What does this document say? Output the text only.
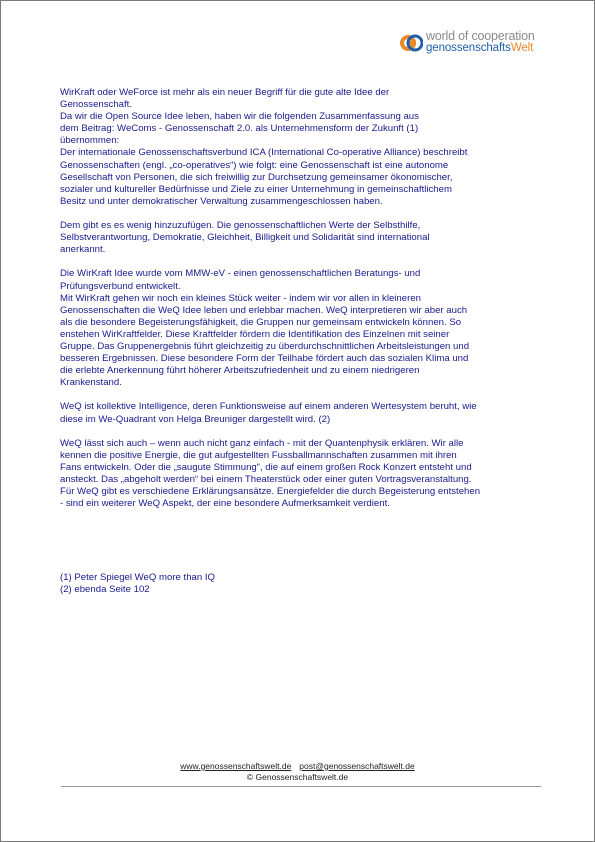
world of cooperation
genossenschaftsWelt

WirKraft oder WeForce ist mehr als ein neuer Begriff für die gute alte Idee der
Genossenschaft.
Da wir die Open Source Idee leben, haben wir die folgenden Zusammenfassung aus
dem Beitrag: WeComs - Genossenschaft 2.0. als Unternehmensform der Zukunft (1)
übernommen:
Der internationale Genossenschaftsverbund ICA (International Co-operative Alliance) beschreibt
Genossenschaften (engl. „co-operatives“) wie folgt: eine Genossenschaft ist eine autonome
Gesellschaft von Personen, die sich freiwillig zur Durchsetzung gemeinsamer ökonomischer,
sozialer und kultureller Bedürfnisse und Ziele zu einer Unternehmung in gemeinschaftlichem
Besitz und unter demokratischer Verwaltung zusammengeschlossen haben.

Dem gibt es es wenig hinzuzufügen. Die genossenschaftlichen Werte der Selbsthilfe,
Selbstverantwortung, Demokratie, Gleichheit, Billigkeit und Solidarität sind international
anerkannt.

Die WirKraft Idee wurde vom MMW-eV - einen genossenschaftlichen Beratungs- und
Prüfungsverbund entwickelt.
Mit WirKraft gehen wir noch ein kleines Stück weiter - indem wir vor allen in kleineren
Genossenschaften die WeQ Idee leben und erlebbar machen. WeQ interpretieren wir aber auch
als die besondere Begeisterungsfähigkeit, die Gruppen nur gemeinsam entwickeln können. So
enstehen WirKraftfelder. Diese Kraftfelder fördern die Identifikation des Einzelnen mit seiner
Gruppe. Das Gruppenergebnis führt gleichzeitig zu überdurchschnittlichen Arbeitsleistungen und
besseren Ergebnissen. Diese besondere Form der Teilhabe fördert auch das sozialen Klima und
die erlebte Anerkennung führt höherer Arbeitszufriedenheit und zu einem niedrigeren
Krankenstand.

WeQ ist kollektive Intelligence, deren Funktionsweise auf einem anderen Wertesystem beruht, wie
diese im We-Quadrant von Helga Breuniger dargestellt wird. (2)

WeQ lässt sich auch – wenn auch nicht ganz einfach - mit der Quantenphysik erklären. Wir alle
kennen die positive Energie, die gut aufgestellten Fussballmannschaften zusammen mit ihren
Fans entwickeln. Oder die „saugute Stimmung“, die auf einem großen Rock Konzert entsteht und
ansteckt. Das „abgeholt werden“ bei einem Theaterstück oder einer guten Vortragsveranstaltung.
Für WeQ gibt es verschiedene Erklärungsansätze. Energiefelder die durch Begeisterung entstehen
- sind ein weiterer WeQ Aspekt, der eine besondere Aufmerksamkeit verdient.

(1) Peter Spiegel WeQ more than IQ
(2) ebenda Seite 102
www.genossenschaftswelt.de post@genossenschaftswelt.de
© Genossenschaftswelt.de
